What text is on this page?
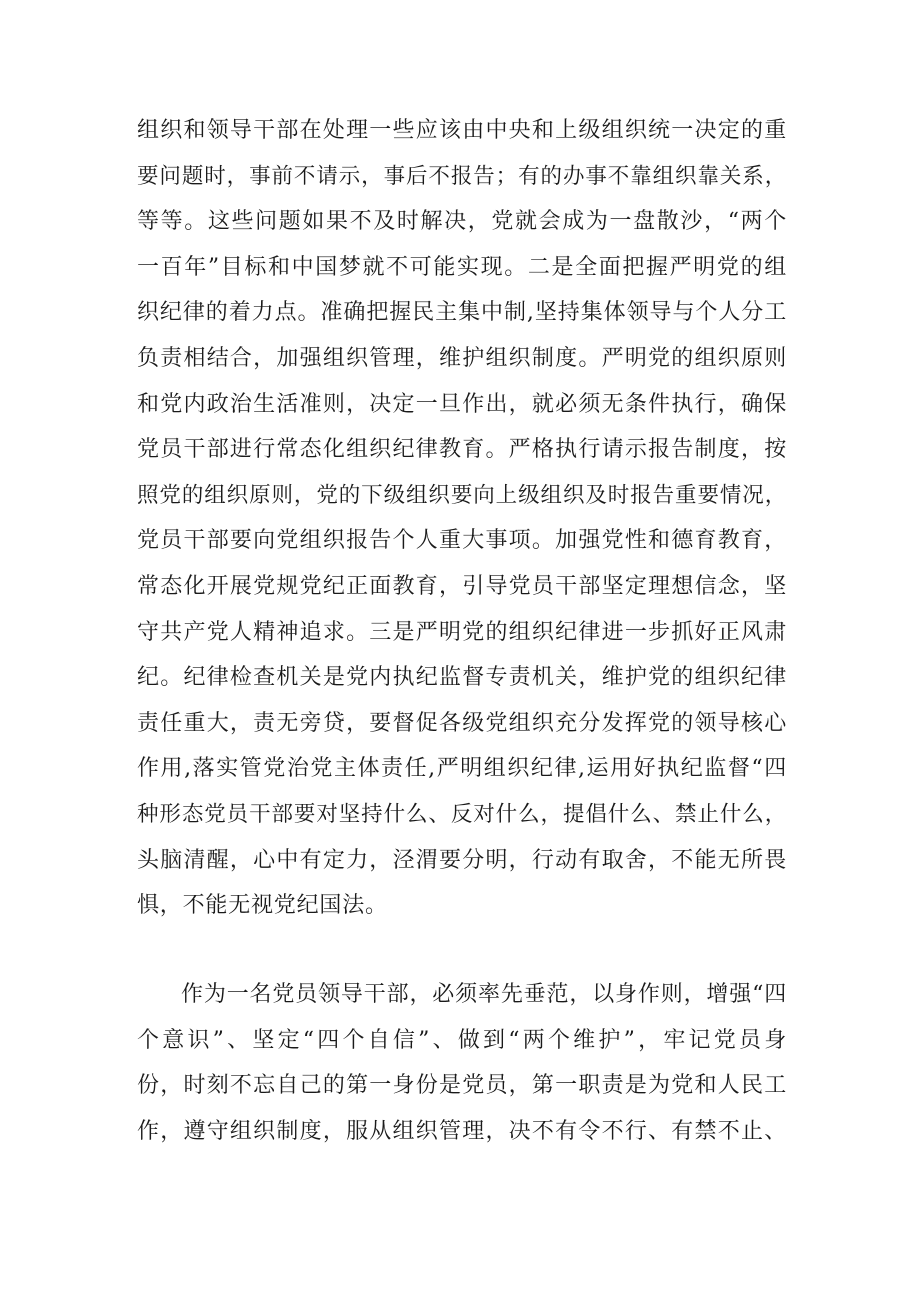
组织和领导干部在处理一些应该由中央和上级组织统一决定的重
要问题时，事前不请示，事后不报告；有的办事不靠组织靠关系，
等等。这些问题如果不及时解决，党就会成为一盘散沙，“两个
一百年”目标和中国梦就不可能实现。二是全面把握严明党的组
织纪律的着力点。准确把握民主集中制,坚持集体领导与个人分工
负责相结合，加强组织管理，维护组织制度。严明党的组织原则
和党内政治生活准则，决定一旦作出，就必须无条件执行，确保
党员干部进行常态化组织纪律教育。严格执行请示报告制度，按
照党的组织原则，党的下级组织要向上级组织及时报告重要情况，
党员干部要向党组织报告个人重大事项。加强党性和德育教育，
常态化开展党规党纪正面教育，引导党员干部坚定理想信念，坚
守共产党人精神追求。三是严明党的组织纪律进一步抓好正风肃
纪。纪律检查机关是党内执纪监督专责机关，维护党的组织纪律
责任重大，责无旁贷，要督促各级党组织充分发挥党的领导核心
作用,落实管党治党主体责任,严明组织纪律,运用好执纪监督“四
种形态党员干部要对坚持什么、反对什么，提倡什么、禁止什么，
头脑清醒，心中有定力，泾渭要分明，行动有取舍，不能无所畏
惧，不能无视党纪国法。
作为一名党员领导干部，必须率先垂范，以身作则，增强“四
个意识”、坚定“四个自信”、做到“两个维护”，牢记党员身
份，时刻不忘自己的第一身份是党员，第一职责是为党和人民工
作，遵守组织制度，服从组织管理，决不有令不行、有禁不止、
